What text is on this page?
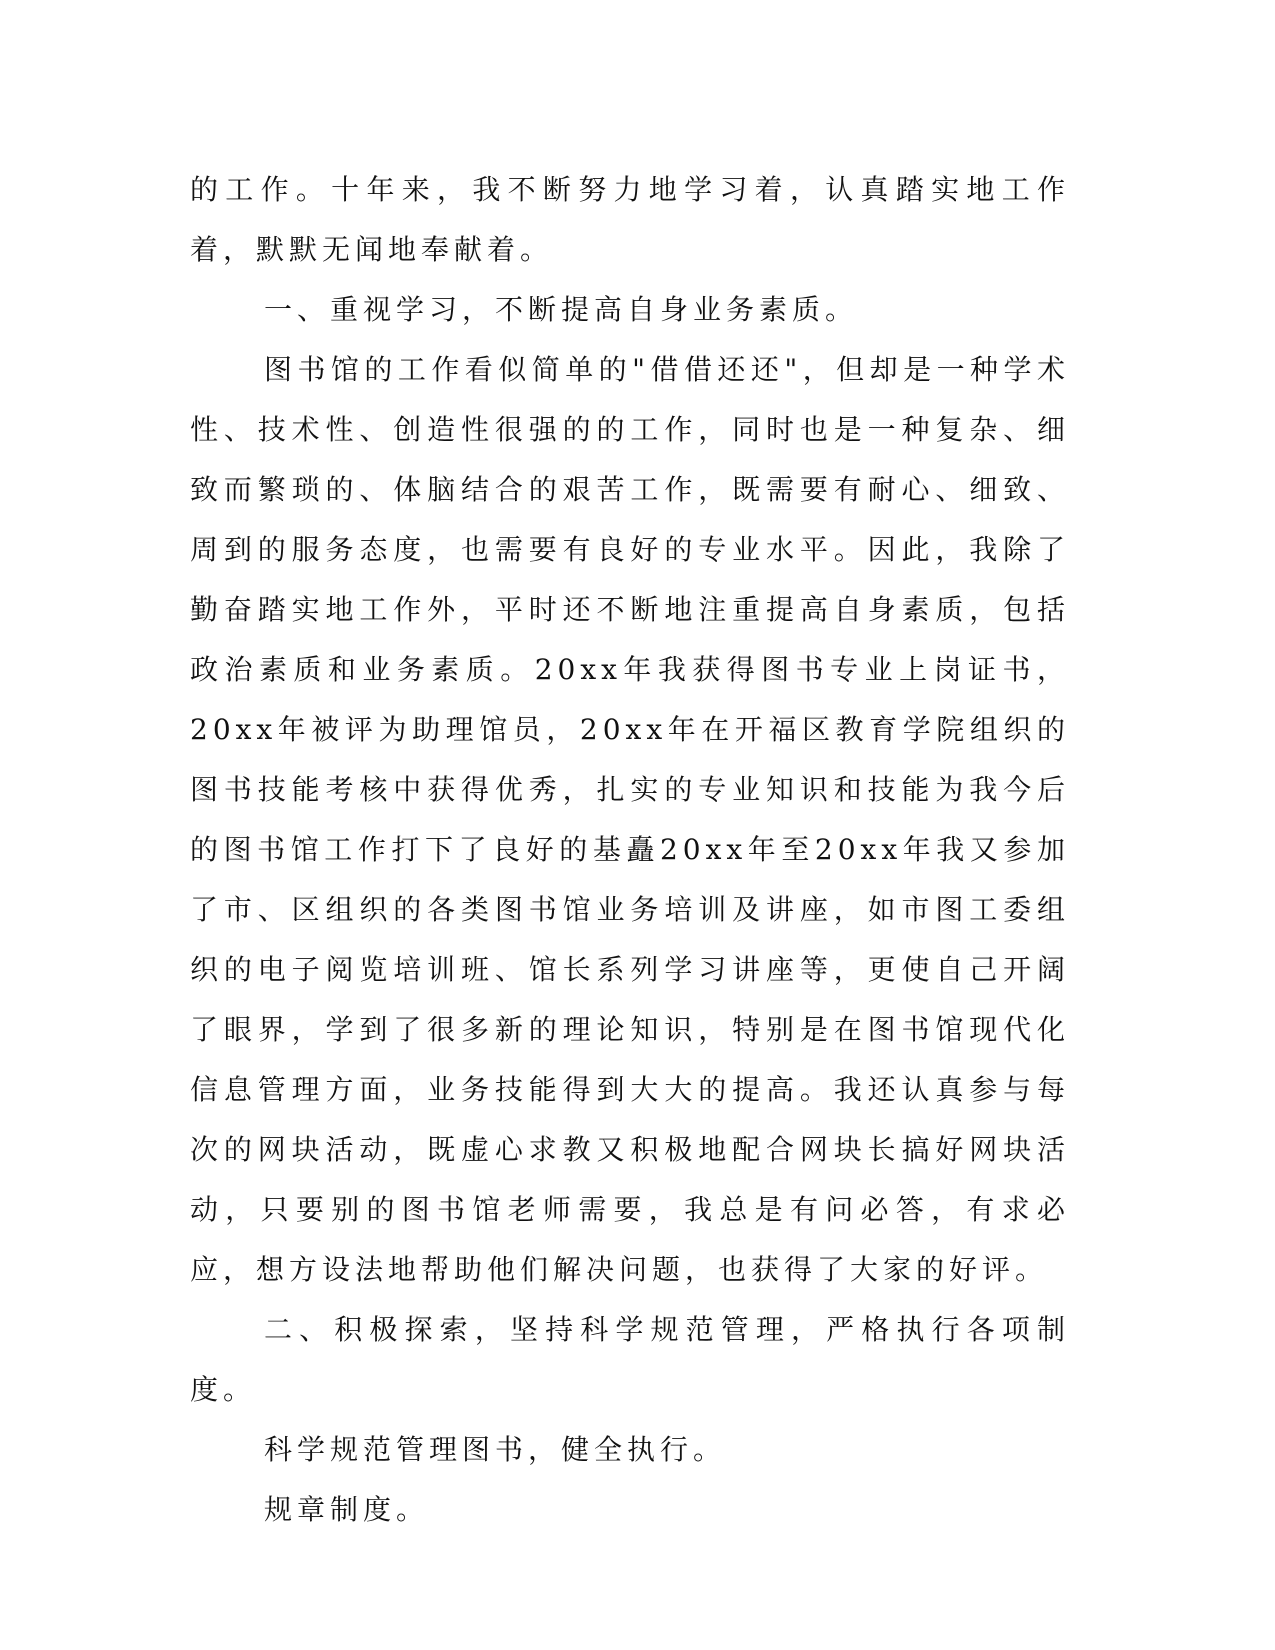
的工作。十年来，我不断努力地学习着，认真踏实地工作着，默默无闻地奉献着。

一、重视学习，不断提高自身业务素质。

图书馆的工作看似简单的"借借还还"，但却是一种学术性、技术性、创造性很强的的工作，同时也是一种复杂、细致而繁琐的、体脑结合的艰苦工作，既需要有耐心、细致、周到的服务态度，也需要有良好的专业水平。因此，我除了勤奋踏实地工作外，平时还不断地注重提高自身素质，包括政治素质和业务素质。20xx年我获得图书专业上岗证书，20xx年被评为助理馆员，20xx年在开福区教育学院组织的图书技能考核中获得优秀，扎实的专业知识和技能为我今后的图书馆工作打下了良好的基矗20xx年至20xx年我又参加了市、区组织的各类图书馆业务培训及讲座，如市图工委组织的电子阅览培训班、馆长系列学习讲座等，更使自己开阔了眼界，学到了很多新的理论知识，特别是在图书馆现代化信息管理方面，业务技能得到大大的提高。我还认真参与每次的网块活动，既虚心求教又积极地配合网块长搞好网块活动，只要别的图书馆老师需要，我总是有问必答，有求必应，想方设法地帮助他们解决问题，也获得了大家的好评。

二、积极探索，坚持科学规范管理，严格执行各项制度。

科学规范管理图书，健全执行。

规章制度。
